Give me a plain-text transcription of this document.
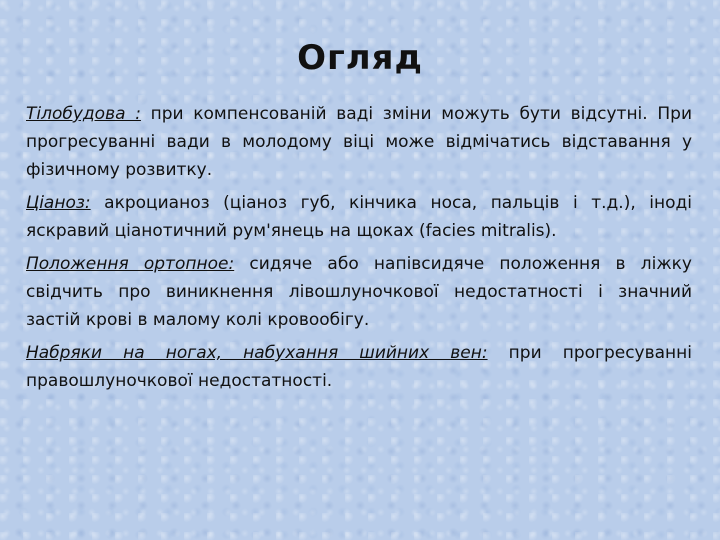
Огляд

Тілобудова : при компенсованій ваді зміни можуть бути відсутні. При прогресуванні вади в молодому віці може відмічатись відставання у фізичному розвитку.

Ціаноз: акроцианоз (ціаноз губ, кінчика носа, пальців і т.д.), іноді яскравий ціанотичний рум'янець на щоках (facies mitralis).

Положення ортопное: сидяче або напівсидяче положення в ліжку свідчить про виникнення лівошлуночкової недостатності і значний застій крові в малому колі кровообігу.

Набряки на ногах, набухання шийних вен: при прогресуванні правошлуночкової недостатності.
